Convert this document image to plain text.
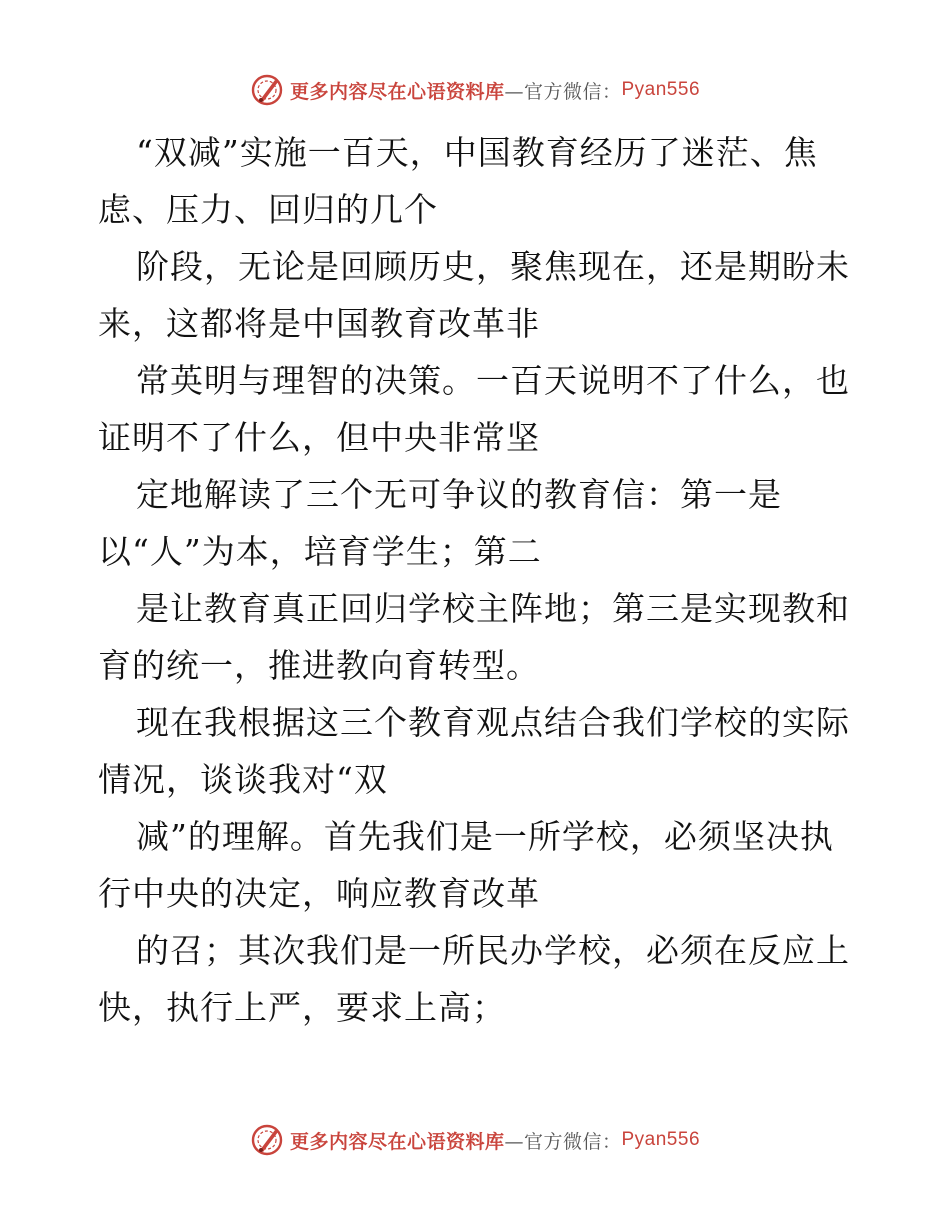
更多内容尽在心语资料库 —官方微信： Pyan556
“双减”实施一百天，中国教育经历了迷茫、焦
虑、压力、回归的几个
阶段，无论是回顾历史，聚焦现在，还是期盼未
来，这都将是中国教育改革非
常英明与理智的决策。一百天说明不了什么，也
证明不了什么，但中央非常坚
定地解读了三个无可争议的教育信：第一是
以“人”为本，培育学生；第二
是让教育真正回归学校主阵地；第三是实现教和
育的统一，推进教向育转型。
现在我根据这三个教育观点结合我们学校的实际
情况，谈谈我对“双
减”的理解。首先我们是一所学校，必须坚决执
行中央的决定，响应教育改革
的召；其次我们是一所民办学校，必须在反应上
快，执行上严，要求上高；
更多内容尽在心语资料库 —官方微信： Pyan556
